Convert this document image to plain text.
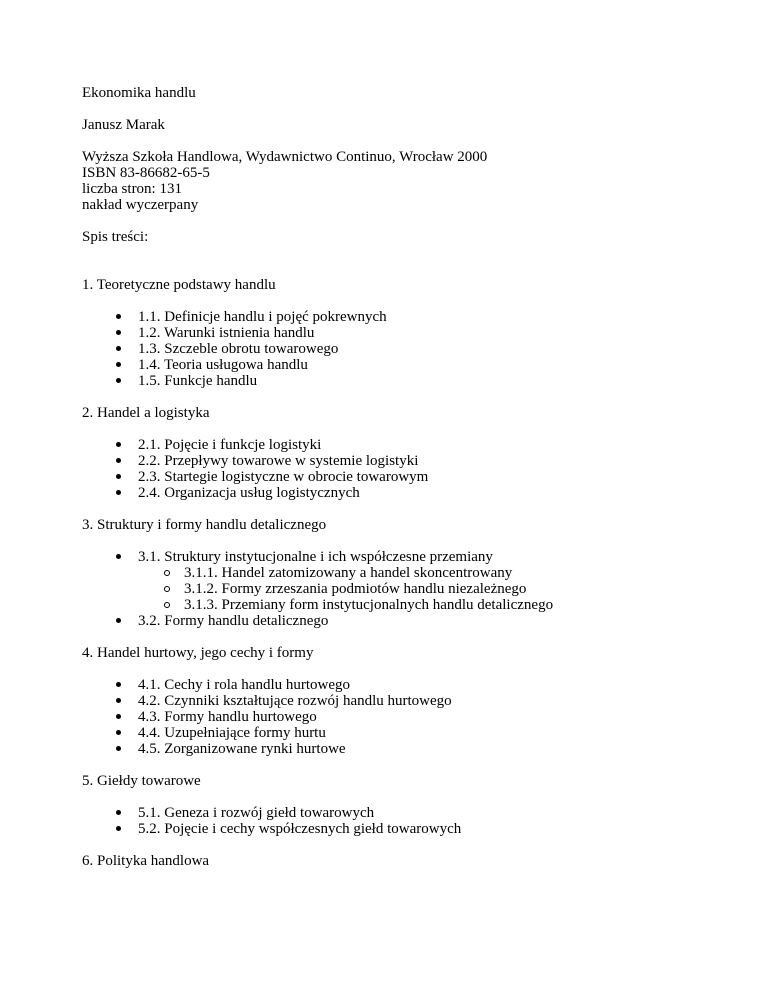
Ekonomika handlu
Janusz Marak
Wyższa Szkoła Handlowa, Wydawnictwo Continuo, Wrocław 2000
ISBN 83-86682-65-5
liczba stron: 131
nakład wyczerpany
Spis treści:
1. Teoretyczne podstawy handlu
1.1. Definicje handlu i pojęć pokrewnych
1.2. Warunki istnienia handlu
1.3. Szczeble obrotu towarowego
1.4. Teoria usługowa handlu
1.5. Funkcje handlu
2. Handel a logistyka
2.1. Pojęcie i funkcje logistyki
2.2. Przepływy towarowe w systemie logistyki
2.3. Startegie logistyczne w obrocie towarowym
2.4. Organizacja usług logistycznych
3. Struktury i formy handlu detalicznego
3.1. Struktury instytucjonalne i ich współczesne przemiany
3.1.1. Handel zatomizowany a handel skoncentrowany
3.1.2. Formy zrzeszania podmiotów handlu niezależnego
3.1.3. Przemiany form instytucjonalnych handlu detalicznego
3.2. Formy handlu detalicznego
4. Handel hurtowy, jego cechy i formy
4.1. Cechy i rola handlu hurtowego
4.2. Czynniki kształtujące rozwój handlu hurtowego
4.3. Formy handlu hurtowego
4.4. Uzupełniające formy hurtu
4.5. Zorganizowane rynki hurtowe
5. Giełdy towarowe
5.1. Geneza i rozwój giełd towarowych
5.2. Pojęcie i cechy współczesnych giełd towarowych
6. Polityka handlowa
